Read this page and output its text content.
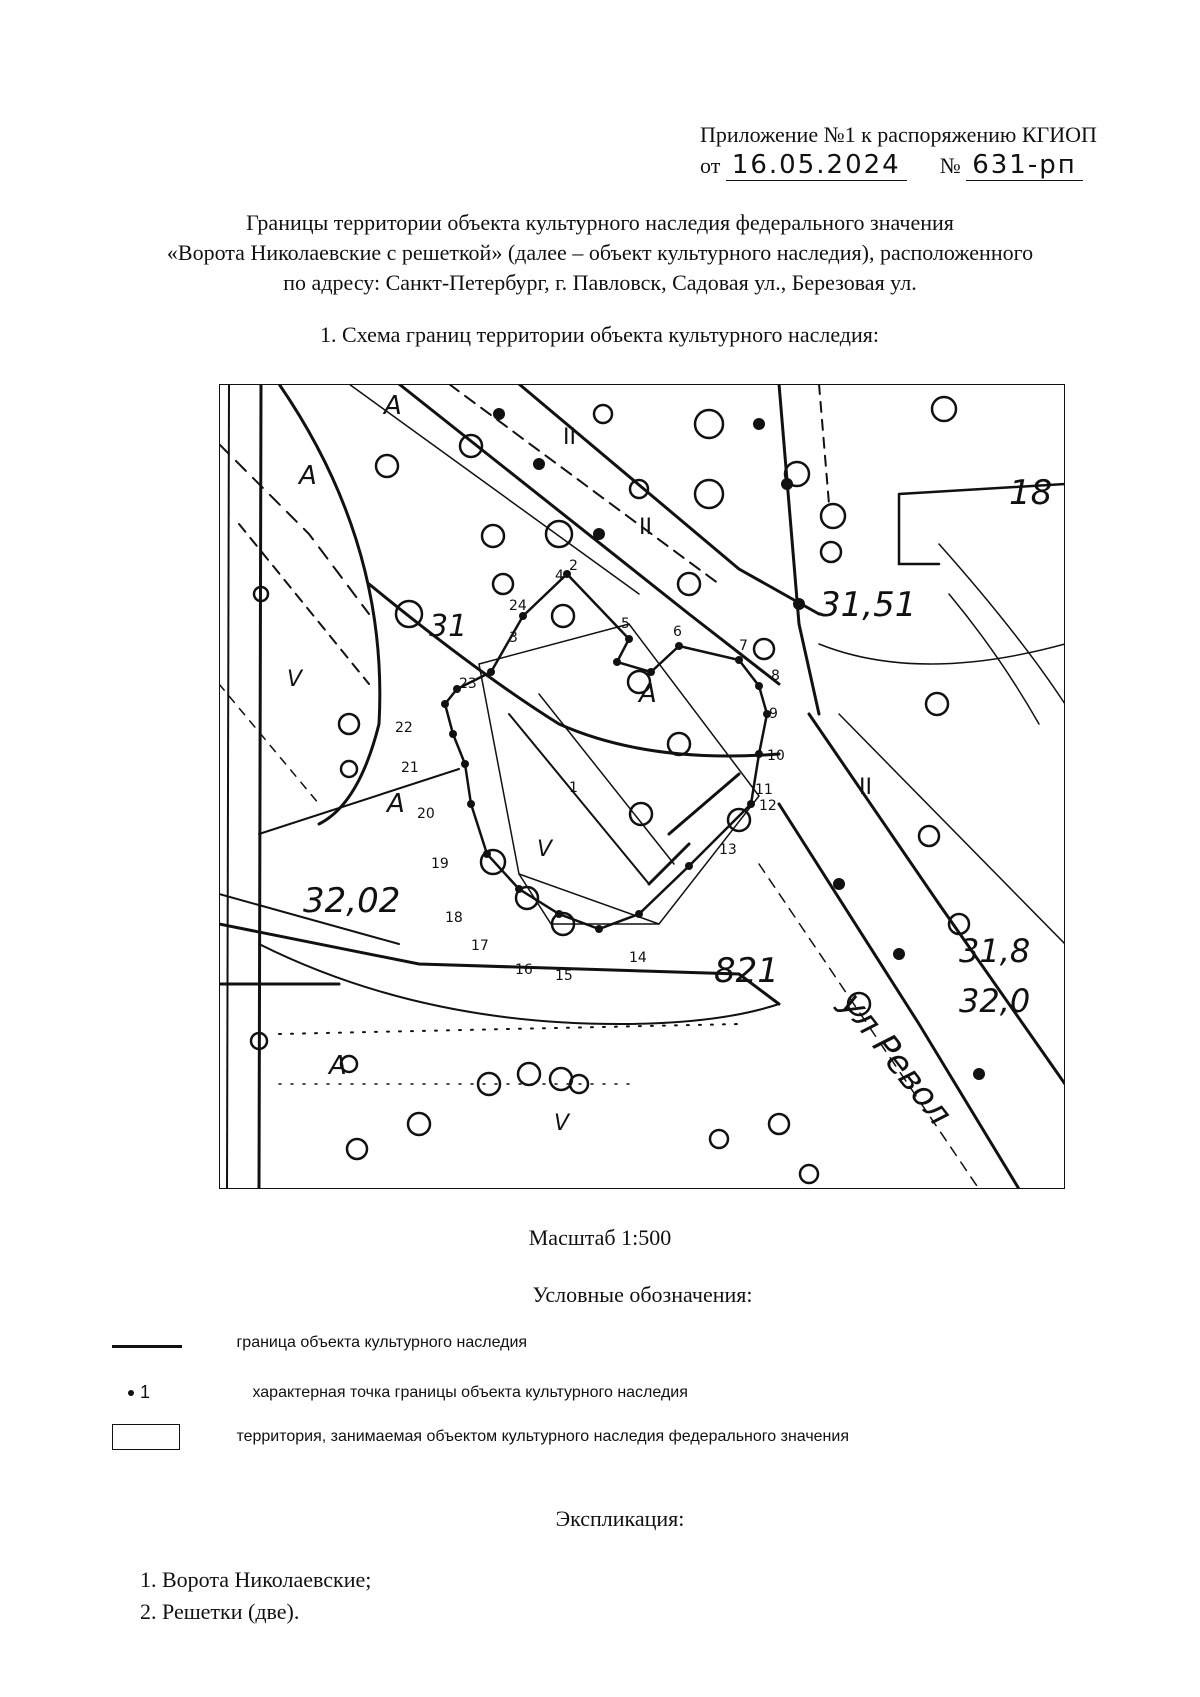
Приложение №1 к распоряжению КГИОП
от 16.05.2024 № 631-рп
Границы территории объекта культурного наследия федерального значения
«Ворота Николаевские с решеткой» (далее – объект культурного наследия), расположенного
по адресу: Санкт-Петербург, г. Павловск, Садовая ул., Березовая ул.
1. Схема границ территории объекта культурного наследия:
31,51
31
32,02
31,8
32,0
18
821
ул Револ
А
А
А
А
А
V
V
V
II
II
II
1
2
3
4
5	6
7
8
9
10
11
12
13
14
15
16
17
18
19
20
21
22
23
24
Масштаб 1:500
Условные обозначения:
граница объекта культурного наследия
1	характерная точка границы объекта культурного наследия
территория, занимаемая объектом культурного наследия федерального значения
Экспликация:
1. Ворота Николаевские;
2. Решетки (две).
